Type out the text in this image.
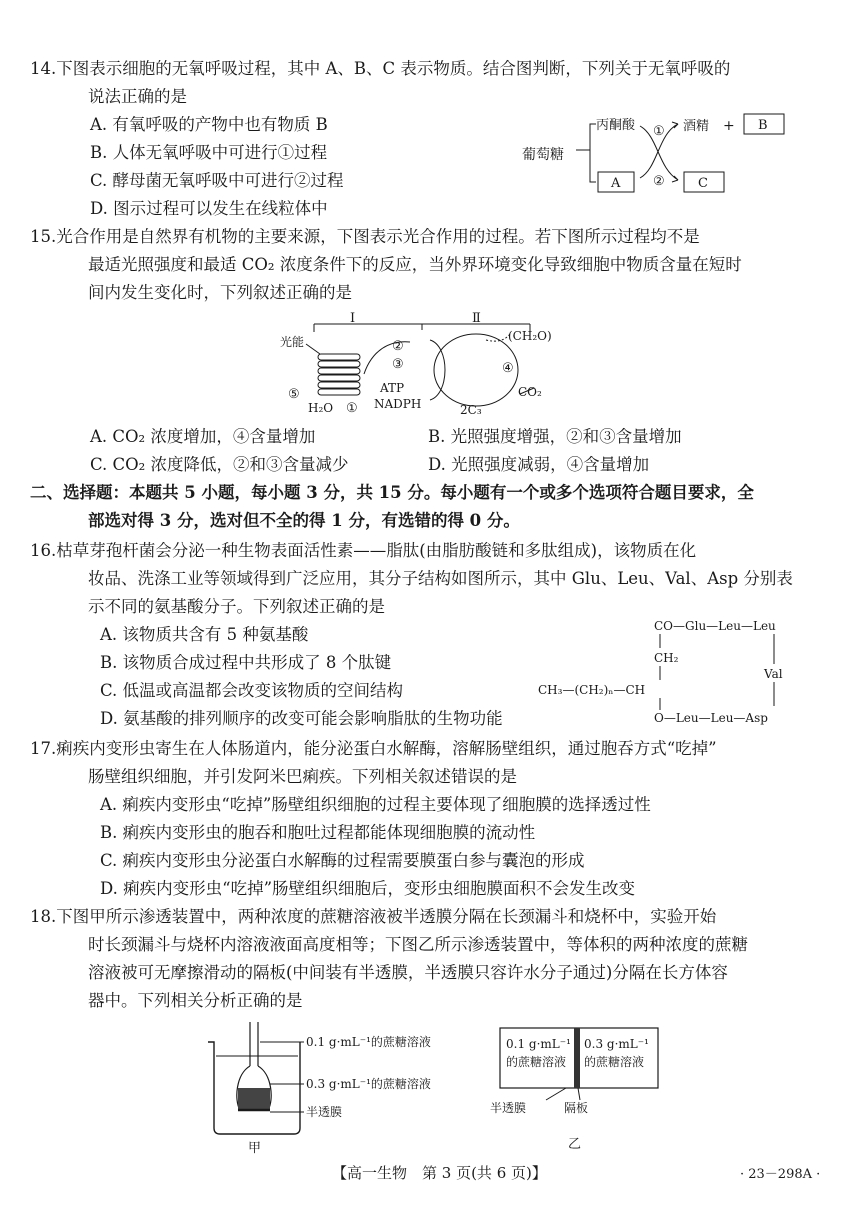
14.下图表示细胞的无氧呼吸过程，其中 A、B、C 表示物质。结合图判断，下列关于无氧呼吸的
说法正确的是
A. 有氧呼吸的产物中也有物质 B
B. 人体无氧呼吸中可进行①过程
C. 酵母菌无氧呼吸中可进行②过程
D. 图示过程可以发生在线粒体中
葡萄糖
丙酮酸
A
①
②
酒精 + B
C
15.光合作用是自然界有机物的主要来源，下图表示光合作用的过程。若下图所示过程均不是
最适光照强度和最适 CO₂ 浓度条件下的反应，当外界环境变化导致细胞中物质含量在短时
间内发生变化时，下列叙述正确的是
Ⅰ	Ⅱ
光能
⑤
H₂O ①
②
③
ATP
NADPH
(CH₂O)
④
CO₂
2C₃
A. CO₂ 浓度增加，④含量增加	B. 光照强度增强，②和③含量增加
C. CO₂ 浓度降低，②和③含量减少	D. 光照强度减弱，④含量增加
二、选择题：本题共 5 小题，每小题 3 分，共 15 分。每小题有一个或多个选项符合题目要求，全
部选对得 3 分，选对但不全的得 1 分，有选错的得 0 分。
16.枯草芽孢杆菌会分泌一种生物表面活性素——脂肽(由脂肪酸链和多肽组成)，该物质在化
妆品、洗涤工业等领域得到广泛应用，其分子结构如图所示，其中 Glu、Leu、Val、Asp 分别表
示不同的氨基酸分子。下列叙述正确的是
A. 该物质共含有 5 种氨基酸
B. 该物质合成过程中共形成了 8 个肽键
C. 低温或高温都会改变该物质的空间结构
D. 氨基酸的排列顺序的改变可能会影响脂肽的生物功能
CO—Glu—Leu—Leu
CH₂
Val
CH₃—(CH₂)ₙ—CH
O—Leu—Leu—Asp
17.痢疾内变形虫寄生在人体肠道内，能分泌蛋白水解酶，溶解肠壁组织，通过胞吞方式“吃掉”
肠壁组织细胞，并引发阿米巴痢疾。下列相关叙述错误的是
A. 痢疾内变形虫“吃掉”肠壁组织细胞的过程主要体现了细胞膜的选择透过性
B. 痢疾内变形虫的胞吞和胞吐过程都能体现细胞膜的流动性
C. 痢疾内变形虫分泌蛋白水解酶的过程需要膜蛋白参与囊泡的形成
D. 痢疾内变形虫“吃掉”肠壁组织细胞后，变形虫细胞膜面积不会发生改变
18.下图甲所示渗透装置中，两种浓度的蔗糖溶液被半透膜分隔在长颈漏斗和烧杯中，实验开始
时长颈漏斗与烧杯内溶液液面高度相等；下图乙所示渗透装置中，等体积的两种浓度的蔗糖
溶液被可无摩擦滑动的隔板(中间装有半透膜，半透膜只容许水分子通过)分隔在长方体容
器中。下列相关分析正确的是
0.1 g·mL⁻¹的蔗糖溶液
0.3 g·mL⁻¹的蔗糖溶液
半透膜
甲
0.1 g·mL⁻¹
的蔗糖溶液
0.3 g·mL⁻¹
的蔗糖溶液
半透膜	隔板
乙
【高一生物　第 3 页(共 6 页)】	· 23－298A ·
